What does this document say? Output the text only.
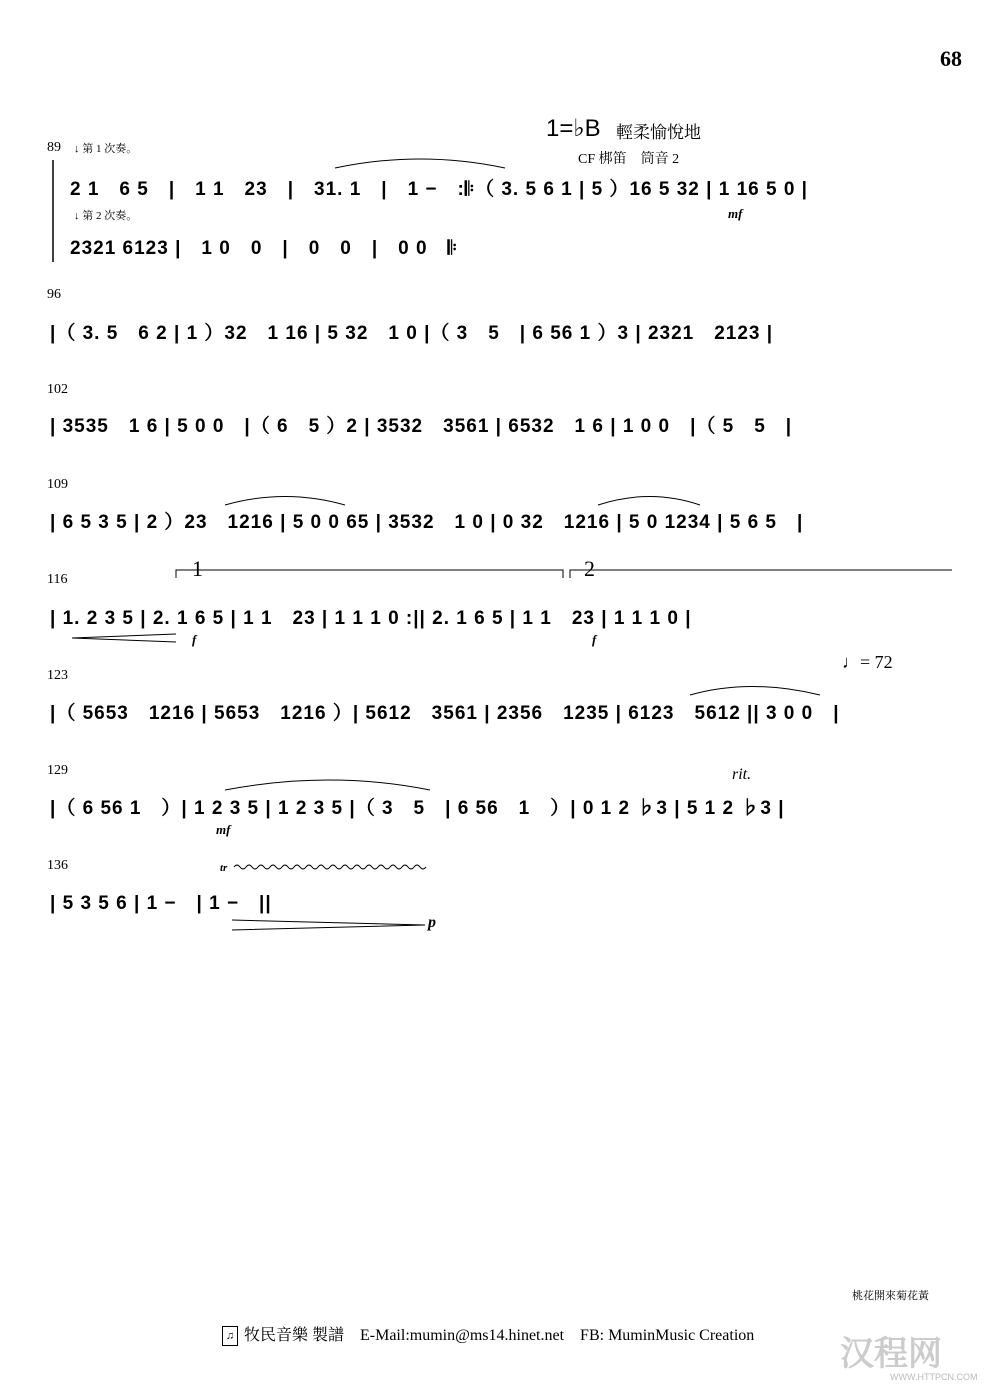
68
1=♭B 輕柔愉悅地
CF 梆笛　筒音 2
89
96
102
109
116
123
129
136
↓ 第 1 次奏。
↓ 第 2 次奏。
2 1　6 5　|　1 1　23　|　31. 1　|　1 −　:𝄆（ 3. 5 6 1 | 5 ）16 5 32 | 1 16 5 0 |
2321 6123 |　1 0　0　|　0　0　|　0 0　𝄆
|（ 3. 5　6 2 | 1 ）32　1 16 | 5 32　1 0 |（ 3　5　| 6 56 1 ）3 | 2321　2123 |
| 3535　1 6 | 5 0 0　|（ 6　5 ）2 | 3532　3561 | 6532　1 6 | 1 0 0　|（ 5　5　|
| 6 5 3 5 | 2 ）23　1216 | 5 0 0 65 | 3532　1 0 | 0 32　1216 | 5 0 1234 | 5 6 5　|
| 1. 2 3 5 | 2. 1 6 5 | 1 1　23 | 1 1 1 0 :|| 2. 1 6 5 | 1 1　23 | 1 1 1 0 |
|（ 5653　1216 | 5653　1216 ）| 5612　3561 | 2356　1235 | 6123　5612 || 3 0 0　|
|（ 6 56 1　）| 1 2 3 5 | 1 2 3 5 |（ 3　5　| 6 56　1　）| 0 1 2 ♭3 | 5 1 2 ♭3 |
| 5 3 5 6 | 1 −　| 1 −　||
mf
f	f
mf
p
rit.
tr
1	2
♩= 72
桃花開來菊花黃
♫ 牧民音樂 製譜　E-Mail:mumin@ms14.hinet.net　FB: MuminMusic Creation	汉程网
WWW.HTTPCN.COM
